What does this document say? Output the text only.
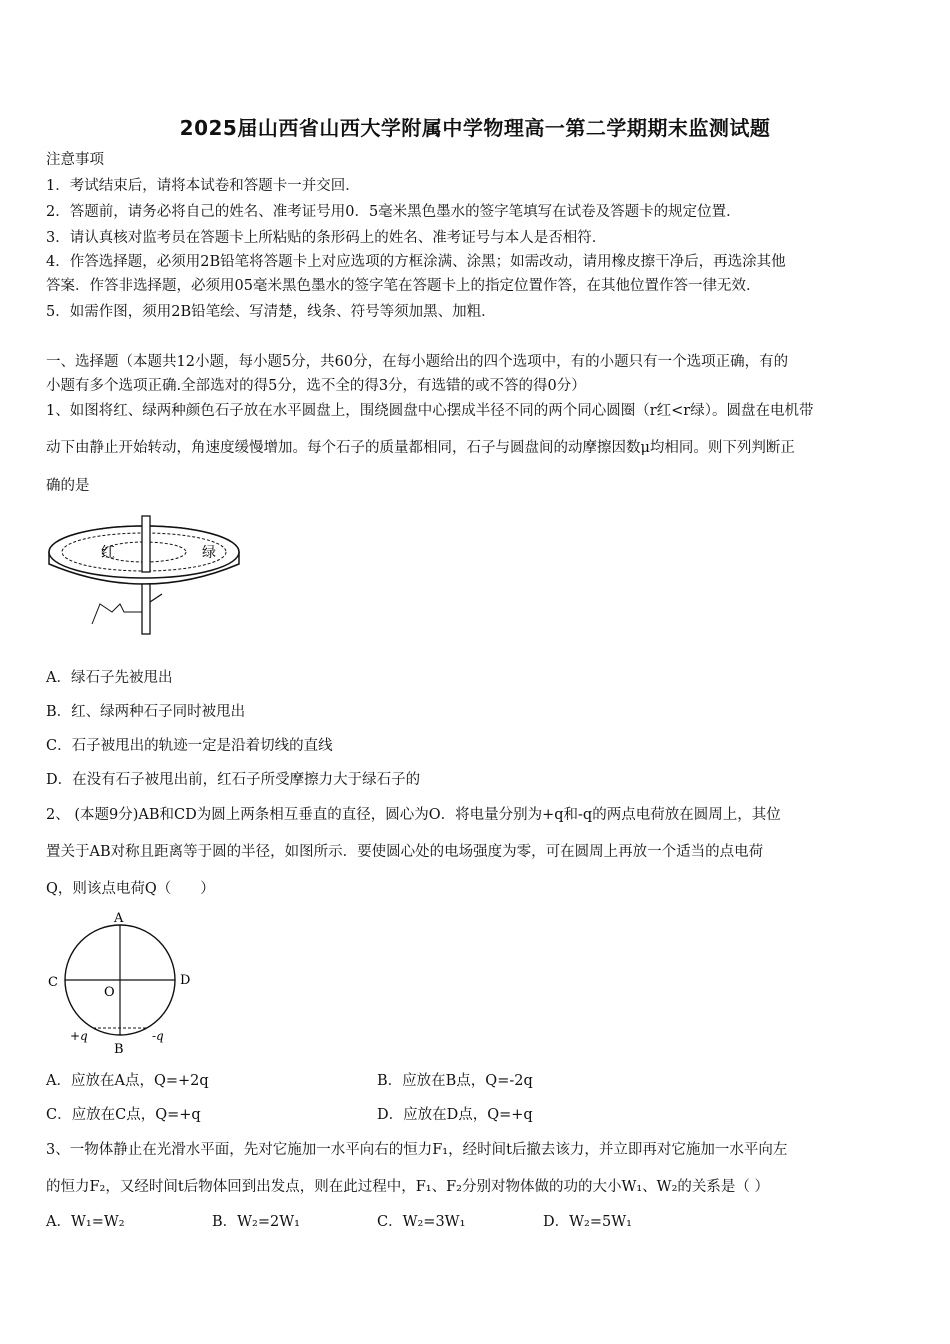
2025届山西省山西大学附属中学物理高一第二学期期末监测试题
注意事项
1．考试结束后，请将本试卷和答题卡一并交回．
2．答题前，请务必将自己的姓名、准考证号用0．5毫米黑色墨水的签字笔填写在试卷及答题卡的规定位置．
3．请认真核对监考员在答题卡上所粘贴的条形码上的姓名、准考证号与本人是否相符．
4．作答选择题，必须用2B铅笔将答题卡上对应选项的方框涂满、涂黑；如需改动，请用橡皮擦干净后，再选涂其他
答案．作答非选择题，必须用05毫米黑色墨水的签字笔在答题卡上的指定位置作答，在其他位置作答一律无效．
5．如需作图，须用2B铅笔绘、写清楚，线条、符号等须加黑、加粗．
一、选择题（本题共12小题，每小题5分，共60分，在每小题给出的四个选项中，有的小题只有一个选项正确，有的
小题有多个选项正确.全部选对的得5分，选不全的得3分，有选错的或不答的得0分）
1、如图将红、绿两种颜色石子放在水平圆盘上，围绕圆盘中心摆成半径不同的两个同心圆圈（r红<r绿）。圆盘在电机带
动下由静止开始转动，角速度缓慢增加。每个石子的质量都相同，石子与圆盘间的动摩擦因数μ均相同。则下列判断正
确的是
红	绿
A．绿石子先被甩出
B．红、绿两种石子同时被甩出
C．石子被甩出的轨迹一定是沿着切线的直线
D．在没有石子被甩出前，红石子所受摩擦力大于绿石子的
2、 (本题9分)AB和CD为圆上两条相互垂直的直径，圆心为O．将电量分别为+q和-q的两点电荷放在圆周上，其位
置关于AB对称且距离等于圆的半径，如图所示．要使圆心处的电场强度为零，可在圆周上再放一个适当的点电荷
Q，则该点电荷Q（　　）
A
B
C	D
O
+q	-q
A．应放在A点，Q=+2q	B．应放在B点，Q=-2q
C．应放在C点，Q=+q	D．应放在D点，Q=+q
3、一物体静止在光滑水平面，先对它施加一水平向右的恒力F₁，经时间t后撤去该力，并立即再对它施加一水平向左
的恒力F₂，又经时间t后物体回到出发点，则在此过程中，F₁、F₂分别对物体做的功的大小W₁、W₂的关系是（ ）
A．W₁=W₂	B．W₂=2W₁	C．W₂=3W₁	D．W₂=5W₁
